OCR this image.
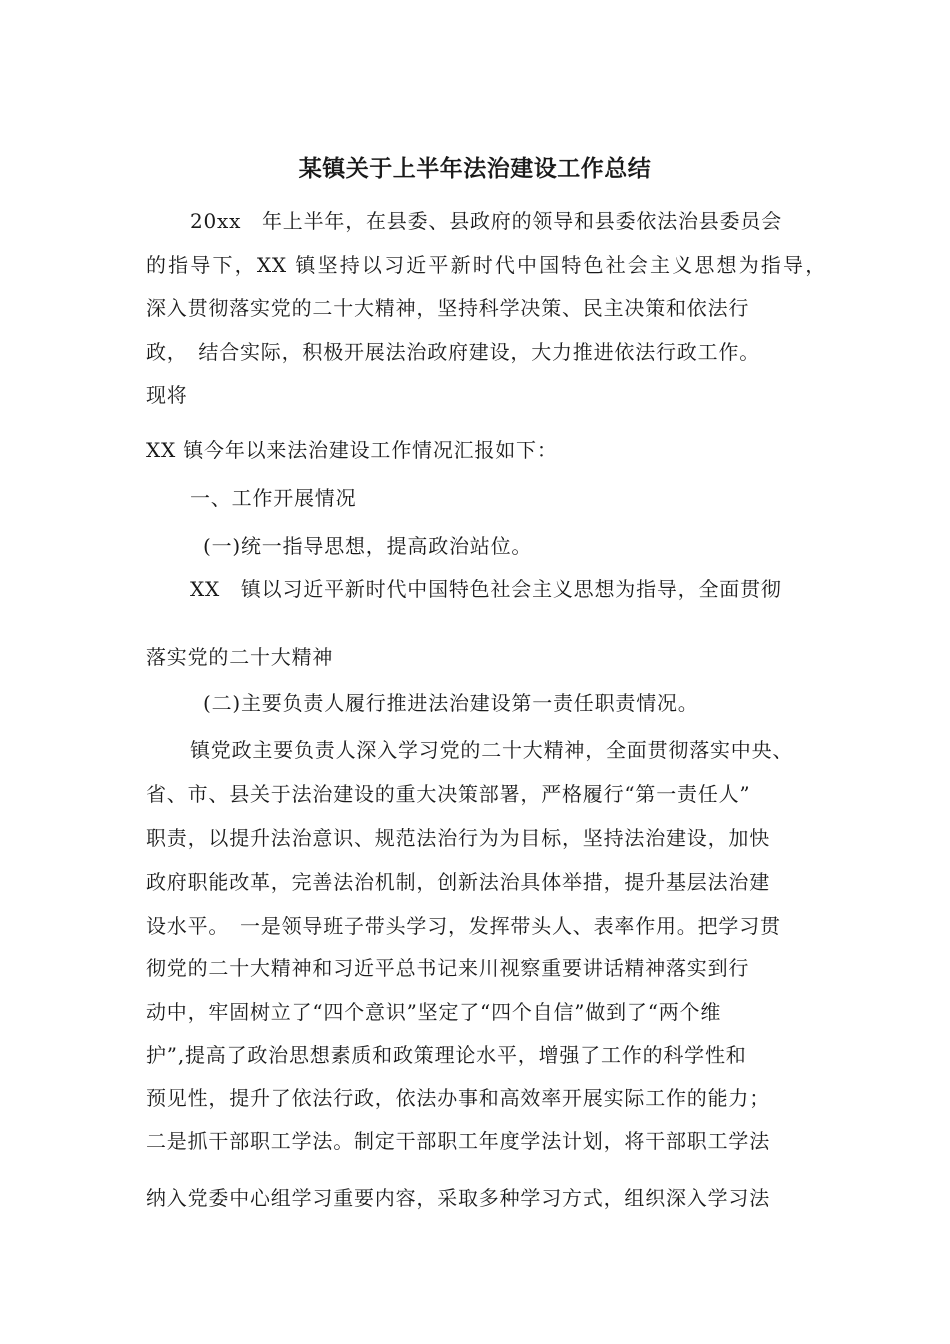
某镇关于上半年法治建设工作总结
20xx　年上半年，在县委、县政府的领导和县委依法治县委员会
的指导下，XX 镇坚持以习近平新时代中国特色社会主义思想为指导，
深入贯彻落实党的二十大精神，坚持科学决策、民主决策和依法行
政，　结合实际，积极开展法治政府建设，大力推进依法行政工作。
现将
XX 镇今年以来法治建设工作情况汇报如下：
一、工作开展情况
(一)统一指导思想，提高政治站位。
XX　镇以习近平新时代中国特色社会主义思想为指导，全面贯彻
落实党的二十大精神
(二)主要负责人履行推进法治建设第一责任职责情况。
镇党政主要负责人深入学习党的二十大精神，全面贯彻落实中央、
省、市、县关于法治建设的重大决策部署，严格履行“第一责任人”
职责，以提升法治意识、规范法治行为为目标，坚持法治建设，加快
政府职能改革，完善法治机制，创新法治具体举措，提升基层法治建
设水平。　一是领导班子带头学习，发挥带头人、表率作用。把学习贯
彻党的二十大精神和习近平总书记来川视察重要讲话精神落实到行
动中，牢固树立了“四个意识”坚定了“四个自信”做到了“两个维
护”,提高了政治思想素质和政策理论水平，增强了工作的科学性和
预见性，提升了依法行政，依法办事和高效率开展实际工作的能力；
二是抓干部职工学法。制定干部职工年度学法计划，将干部职工学法
纳入党委中心组学习重要内容，采取多种学习方式，组织深入学习法
